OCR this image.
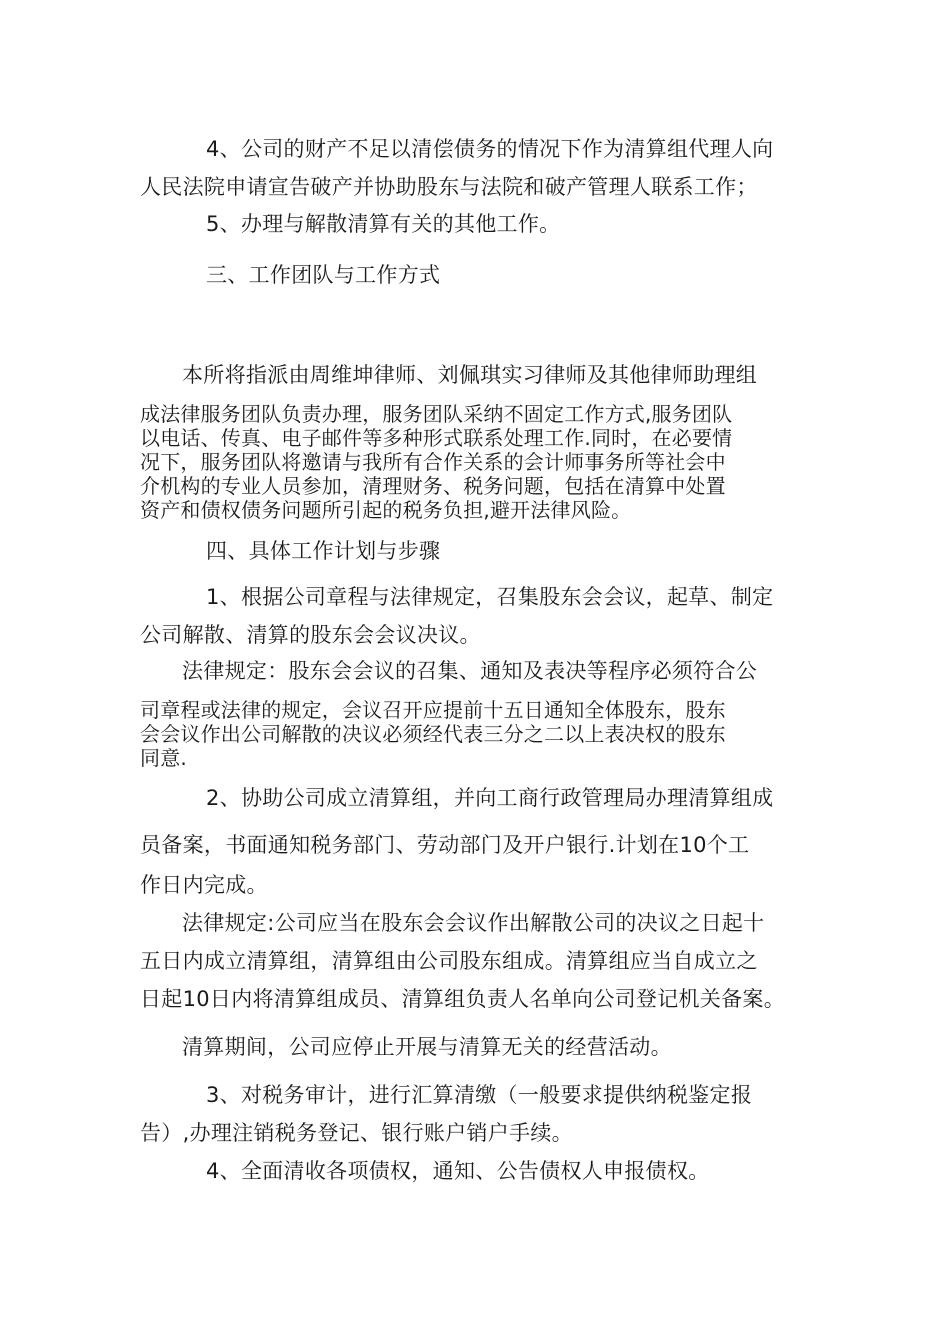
4、公司的财产不足以清偿债务的情况下作为清算组代理人向

人民法院申请宣告破产并协助股东与法院和破产管理人联系工作；

5、办理与解散清算有关的其他工作。

三、工作团队与工作方式

本所将指派由周维坤律师、刘佩琪实习律师及其他律师助理组

成法律服务团队负责办理，服务团队采纳不固定工作方式,服务团队

以电话、传真、电子邮件等多种形式联系处理工作.同时，在必要情

况下，服务团队将邀请与我所有合作关系的会计师事务所等社会中

介机构的专业人员参加，清理财务、税务问题，包括在清算中处置

资产和债权债务问题所引起的税务负担,避开法律风险。

四、具体工作计划与步骤

1、根据公司章程与法律规定，召集股东会会议，起草、制定

公司解散、清算的股东会会议决议。

法律规定：股东会会议的召集、通知及表决等程序必须符合公

司章程或法律的规定，会议召开应提前十五日通知全体股东，股东

会会议作出公司解散的决议必须经代表三分之二以上表决权的股东

同意.

2、协助公司成立清算组，并向工商行政管理局办理清算组成

员备案，书面通知税务部门、劳动部门及开户银行.计划在10个工

作日内完成。

法律规定:公司应当在股东会会议作出解散公司的决议之日起十

五日内成立清算组，清算组由公司股东组成。清算组应当自成立之

日起10日内将清算组成员、清算组负责人名单向公司登记机关备案。

清算期间，公司应停止开展与清算无关的经营活动。

3、对税务审计，进行汇算清缴（一般要求提供纳税鉴定报

告）,办理注销税务登记、银行账户销户手续。

4、全面清收各项债权，通知、公告债权人申报债权。
